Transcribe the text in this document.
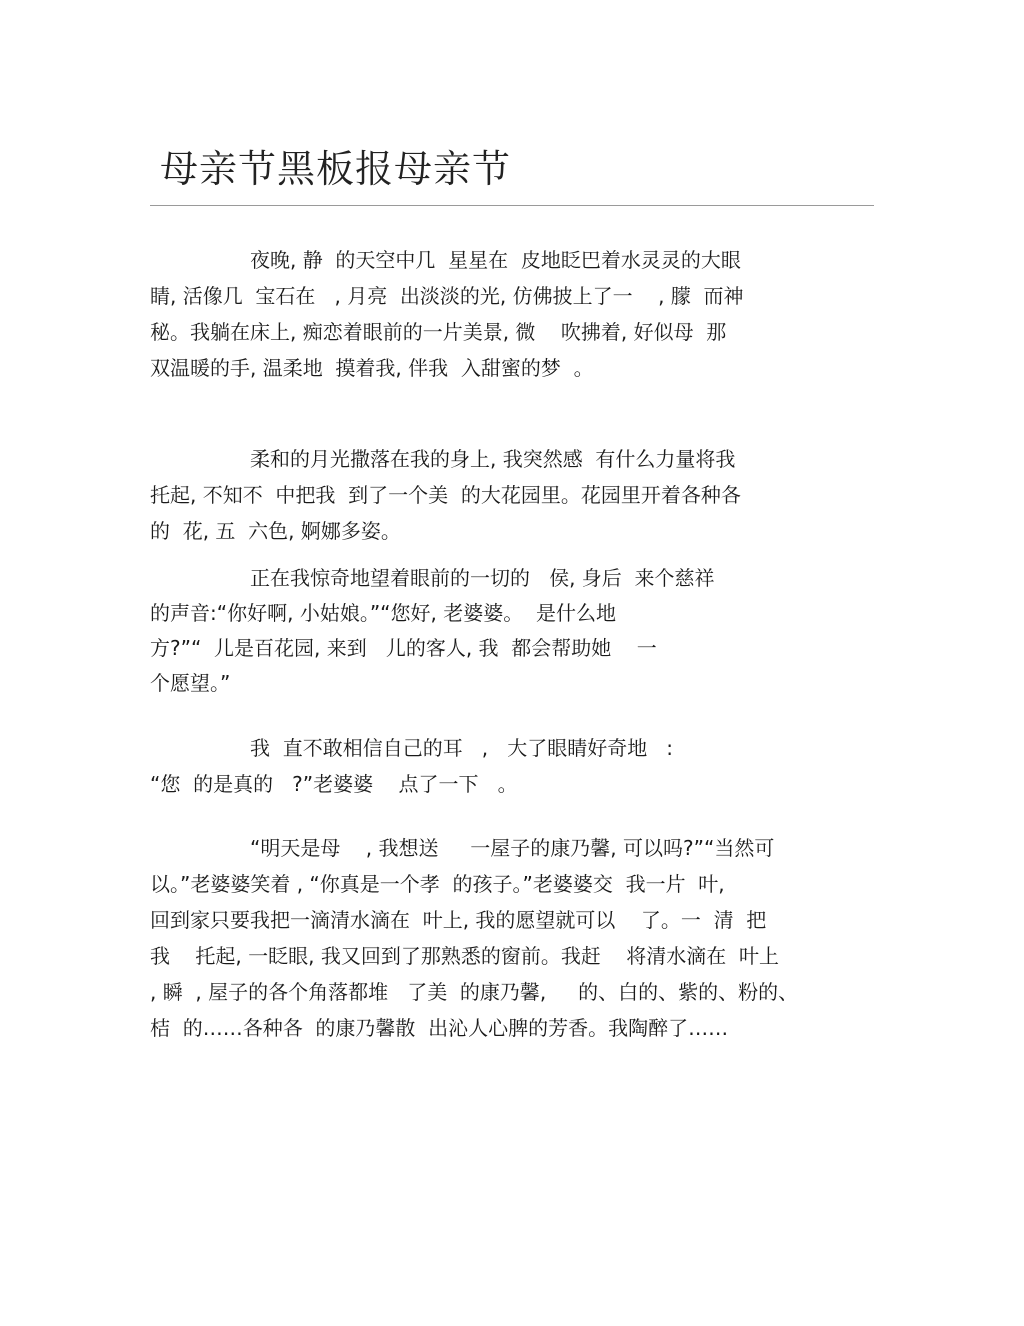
母亲节黑板报母亲节
夜晚, 静  的天空中几  星星在  皮地眨巴着水灵灵的大眼
睛, 活像几  宝石在   , 月亮  出淡淡的光, 仿佛披上了一    , 朦  而神
秘。我躺在床上, 痴恋着眼前的一片美景, 微    吹拂着, 好似母  那
双温暖的手, 温柔地  摸着我, 伴我  入甜蜜的梦  。
柔和的月光撒落在我的身上, 我突然感  有什么力量将我
托起, 不知不  中把我  到了一个美  的大花园里。花园里开着各种各
的  花, 五  六色, 婀娜多姿。
正在我惊奇地望着眼前的一切的   侯, 身后  来个慈祥
的声音:“你好啊, 小姑娘。”“您好, 老婆婆。  是什么地
方?”“  儿是百花园, 来到   儿的客人, 我  都会帮助她    一
个愿望。”
我  直不敢相信自己的耳   ,   大了眼睛好奇地   :
“您  的是真的   ?”老婆婆    点了一下   。
“明天是母    , 我想送     一屋子的康乃馨, 可以吗?”“当然可
以。”老婆婆笑着 , “你真是一个孝  的孩子。”老婆婆交  我一片  叶,
回到家只要我把一滴清水滴在  叶上, 我的愿望就可以    了。一  清  把
我    托起, 一眨眼, 我又回到了那熟悉的窗前。我赶    将清水滴在  叶上
, 瞬  , 屋子的各个角落都堆   了美  的康乃馨,     的、白的、紫的、粉的、
桔  的……各种各  的康乃馨散  出沁人心脾的芳香。我陶醉了……
